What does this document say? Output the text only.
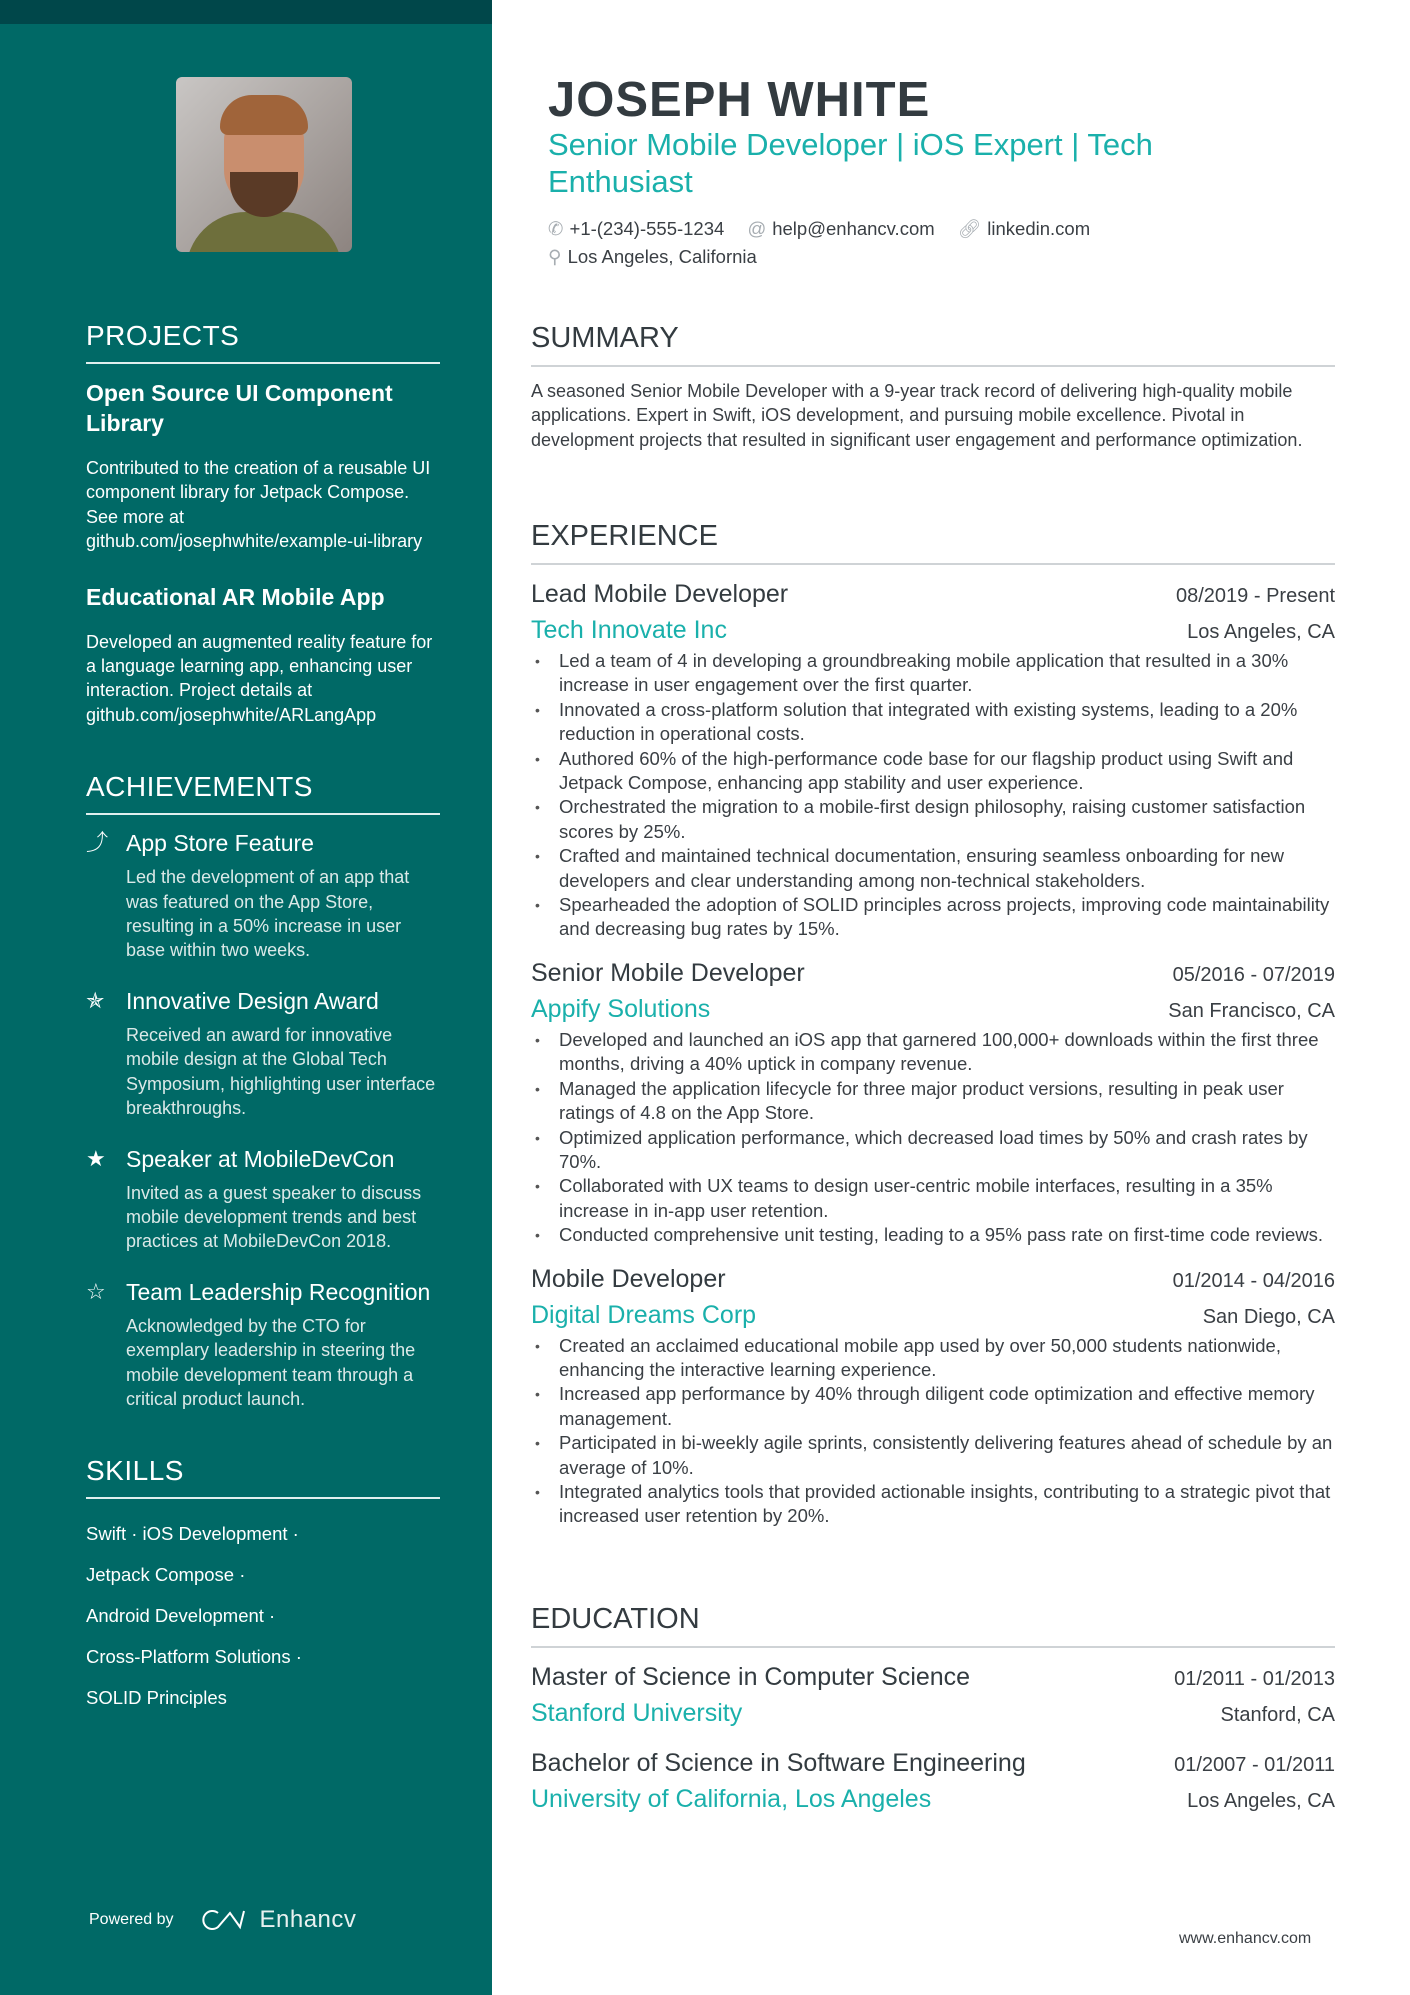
PROJECTS
Open Source UI Component Library
Contributed to the creation of a reusable UI component library for Jetpack Compose. See more at github.com/josephwhite/example-ui-library
Educational AR Mobile App
Developed an augmented reality feature for a language learning app, enhancing user interaction. Project details at github.com/josephwhite/ARLangApp
ACHIEVEMENTS
⤴ App Store Feature
Led the development of an app that was featured on the App Store, resulting in a 50% increase in user base within two weeks.
✯ Innovative Design Award
Received an award for innovative mobile design at the Global Tech Symposium, highlighting user interface breakthroughs.
★ Speaker at MobileDevCon
Invited as a guest speaker to discuss mobile development trends and best practices at MobileDevCon 2018.
☆ Team Leadership Recognition
Acknowledged by the CTO for exemplary leadership in steering the mobile development team through a critical product launch.
SKILLS
Swift · iOS Development ·
Jetpack Compose ·
Android Development ·
Cross-Platform Solutions ·
SOLID Principles
Powered by	Enhancv
JOSEPH WHITE
Senior Mobile Developer | iOS Expert | Tech Enthusiast
✆ +1-(234)-555-1234 @ help@enhancv.com 🔗︎ linkedin.com
⚲ Los Angeles, California
SUMMARY
A seasoned Senior Mobile Developer with a 9-year track record of delivering high-quality mobile applications. Expert in Swift, iOS development, and pursuing mobile excellence. Pivotal in development projects that resulted in significant user engagement and performance optimization.
EXPERIENCE
Lead Mobile Developer	08/2019 - Present
Tech Innovate Inc	Los Angeles, CA
• Led a team of 4 in developing a groundbreaking mobile application that resulted in a 30% increase in user engagement over the first quarter.
• Innovated a cross-platform solution that integrated with existing systems, leading to a 20% reduction in operational costs.
• Authored 60% of the high-performance code base for our flagship product using Swift and Jetpack Compose, enhancing app stability and user experience.
• Orchestrated the migration to a mobile-first design philosophy, raising customer satisfaction scores by 25%.
• Crafted and maintained technical documentation, ensuring seamless onboarding for new developers and clear understanding among non-technical stakeholders.
• Spearheaded the adoption of SOLID principles across projects, improving code maintainability and decreasing bug rates by 15%.
Senior Mobile Developer	05/2016 - 07/2019
Appify Solutions	San Francisco, CA
• Developed and launched an iOS app that garnered 100,000+ downloads within the first three months, driving a 40% uptick in company revenue.
• Managed the application lifecycle for three major product versions, resulting in peak user ratings of 4.8 on the App Store.
• Optimized application performance, which decreased load times by 50% and crash rates by 70%.
• Collaborated with UX teams to design user-centric mobile interfaces, resulting in a 35% increase in in-app user retention.
• Conducted comprehensive unit testing, leading to a 95% pass rate on first-time code reviews.
Mobile Developer	01/2014 - 04/2016
Digital Dreams Corp	San Diego, CA
• Created an acclaimed educational mobile app used by over 50,000 students nationwide, enhancing the interactive learning experience.
• Increased app performance by 40% through diligent code optimization and effective memory management.
• Participated in bi-weekly agile sprints, consistently delivering features ahead of schedule by an average of 10%.
• Integrated analytics tools that provided actionable insights, contributing to a strategic pivot that increased user retention by 20%.
EDUCATION
Master of Science in Computer Science	01/2011 - 01/2013
Stanford University	Stanford, CA
Bachelor of Science in Software Engineering	01/2007 - 01/2011
University of California, Los Angeles	Los Angeles, CA
www.enhancv.com
